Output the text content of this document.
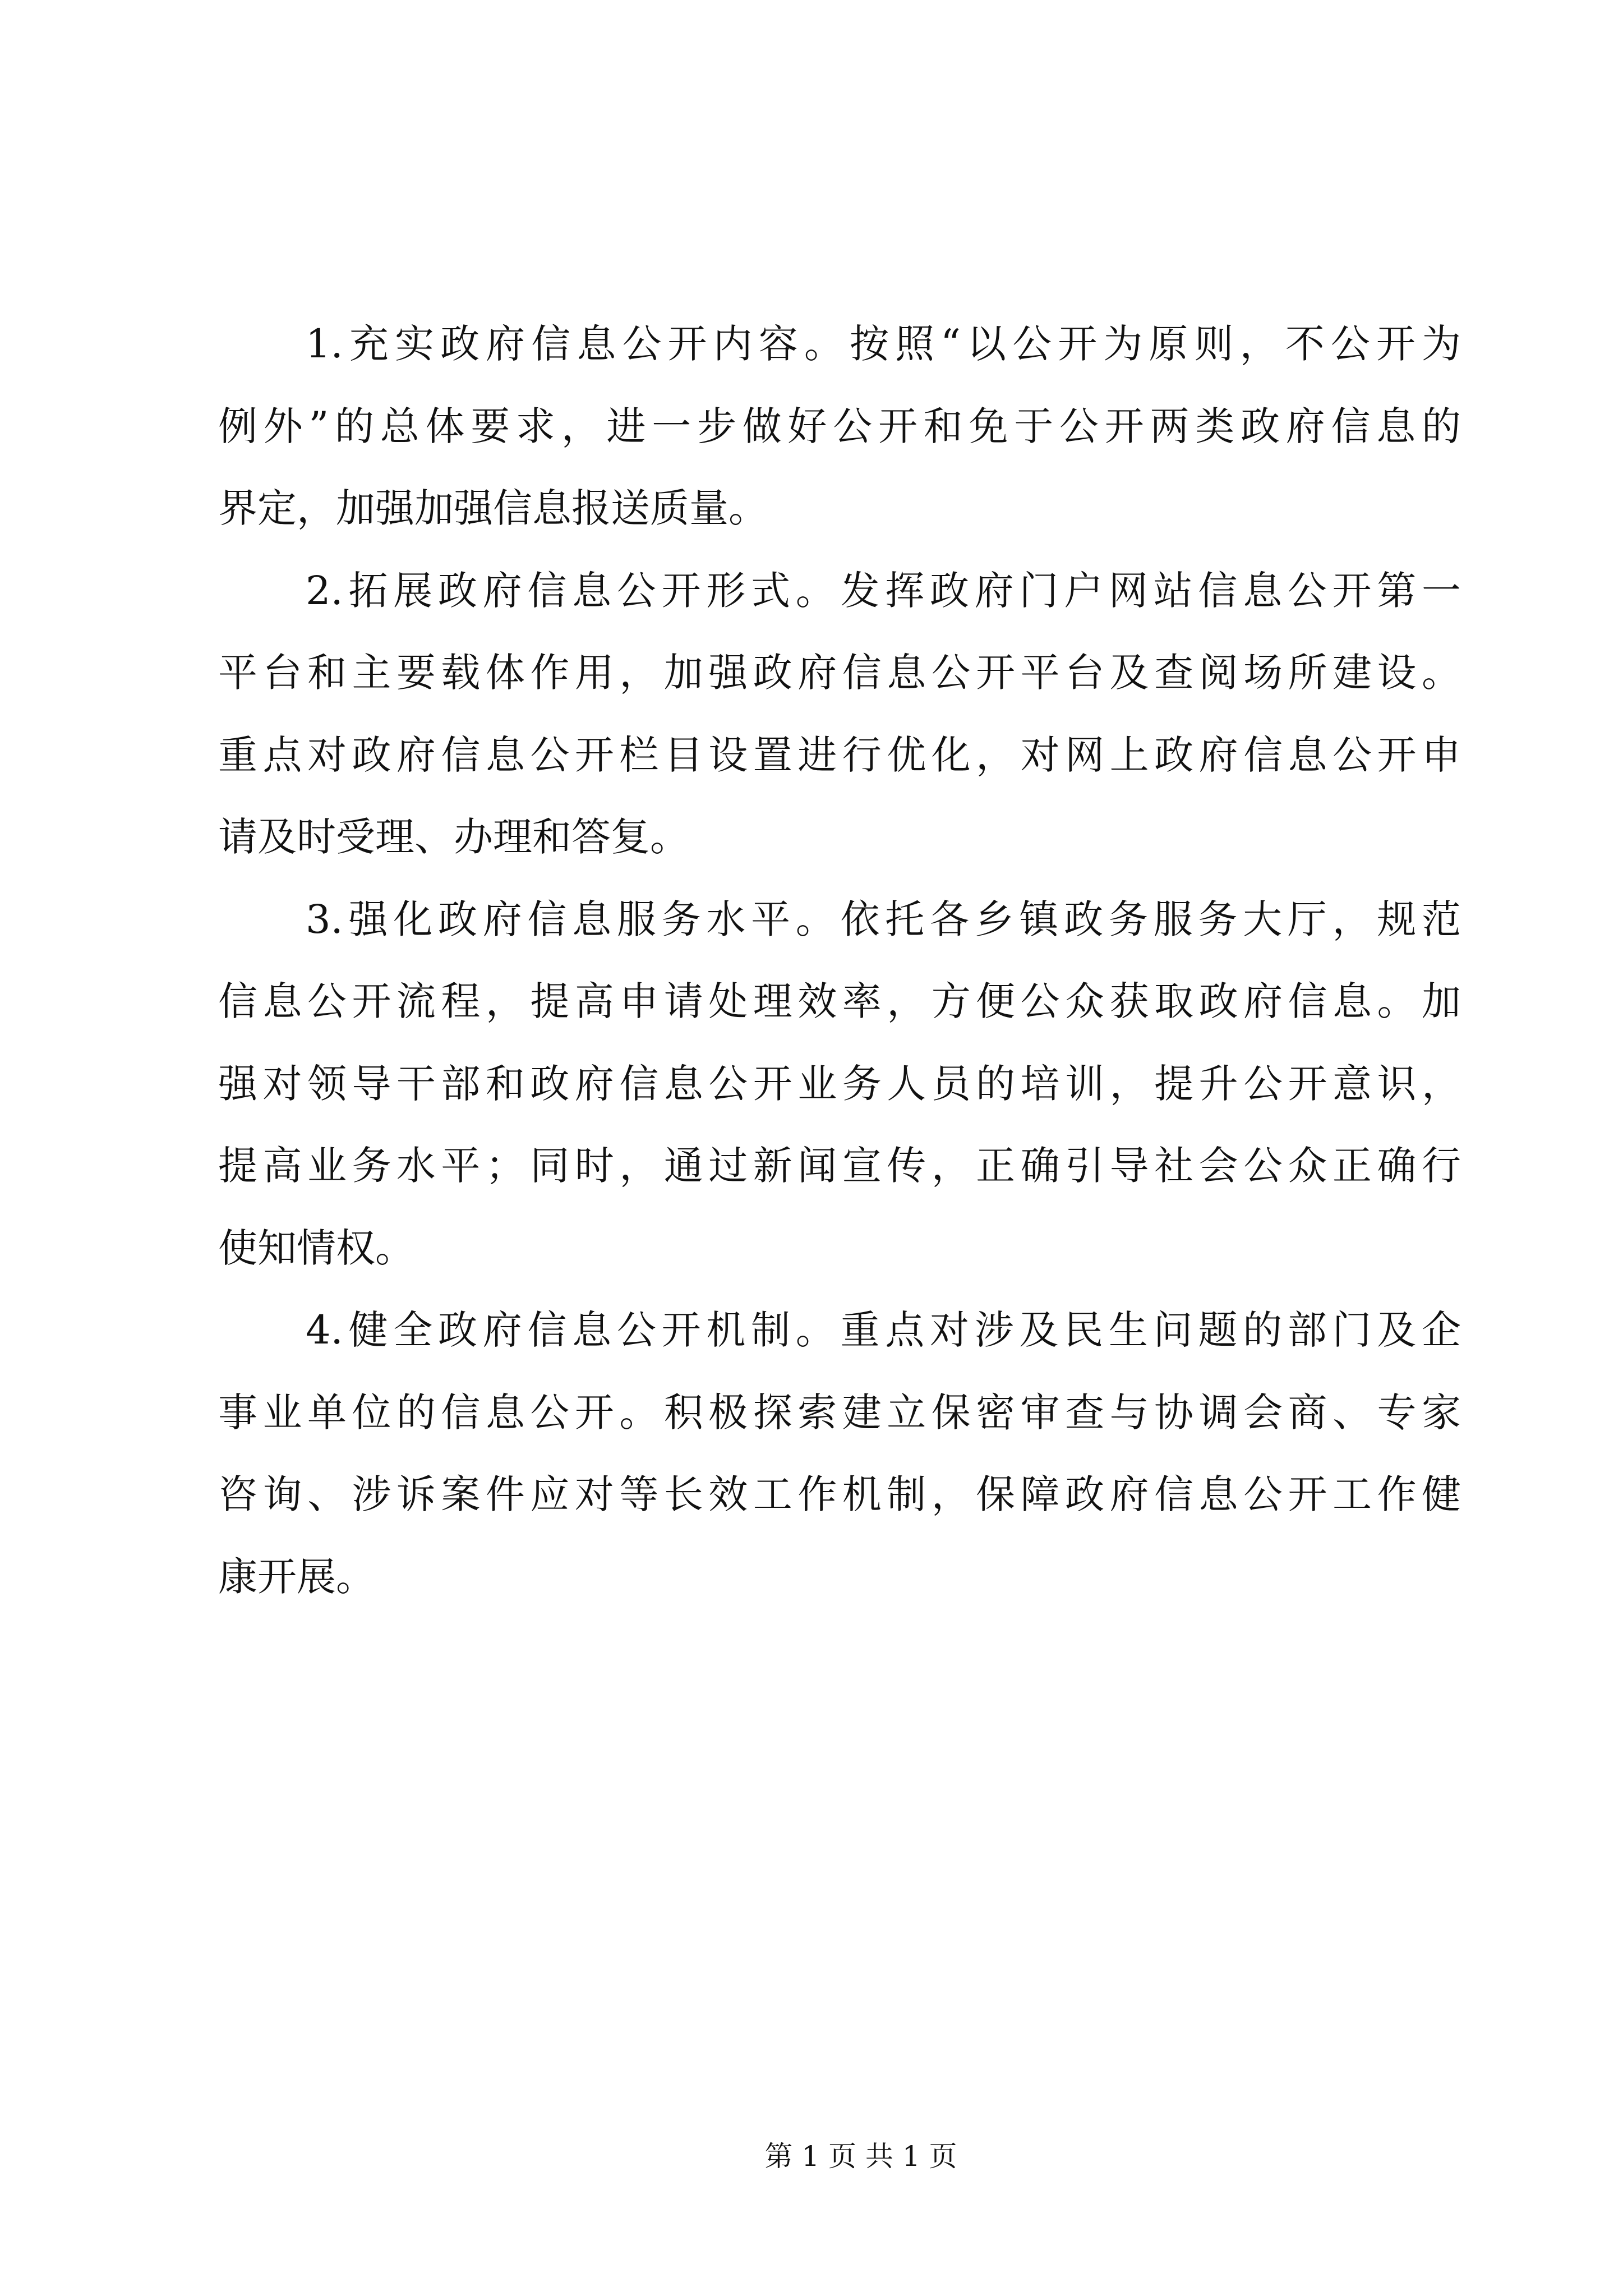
1.充实政府信息公开内容。按照“以公开为原则，不公开为
例外”的总体要求，进一步做好公开和免于公开两类政府信息的
界定，加强加强信息报送质量。
2.拓展政府信息公开形式。发挥政府门户网站信息公开第一
平台和主要载体作用，加强政府信息公开平台及查阅场所建设。
重点对政府信息公开栏目设置进行优化，对网上政府信息公开申
请及时受理、办理和答复。
3.强化政府信息服务水平。依托各乡镇政务服务大厅，规范
信息公开流程，提高申请处理效率，方便公众获取政府信息。加
强对领导干部和政府信息公开业务人员的培训，提升公开意识，
提高业务水平；同时，通过新闻宣传，正确引导社会公众正确行
使知情权。
4.健全政府信息公开机制。重点对涉及民生问题的部门及企
事业单位的信息公开。积极探索建立保密审查与协调会商、专家
咨询、涉诉案件应对等长效工作机制，保障政府信息公开工作健
康开展。
第 1 页 共 1 页
